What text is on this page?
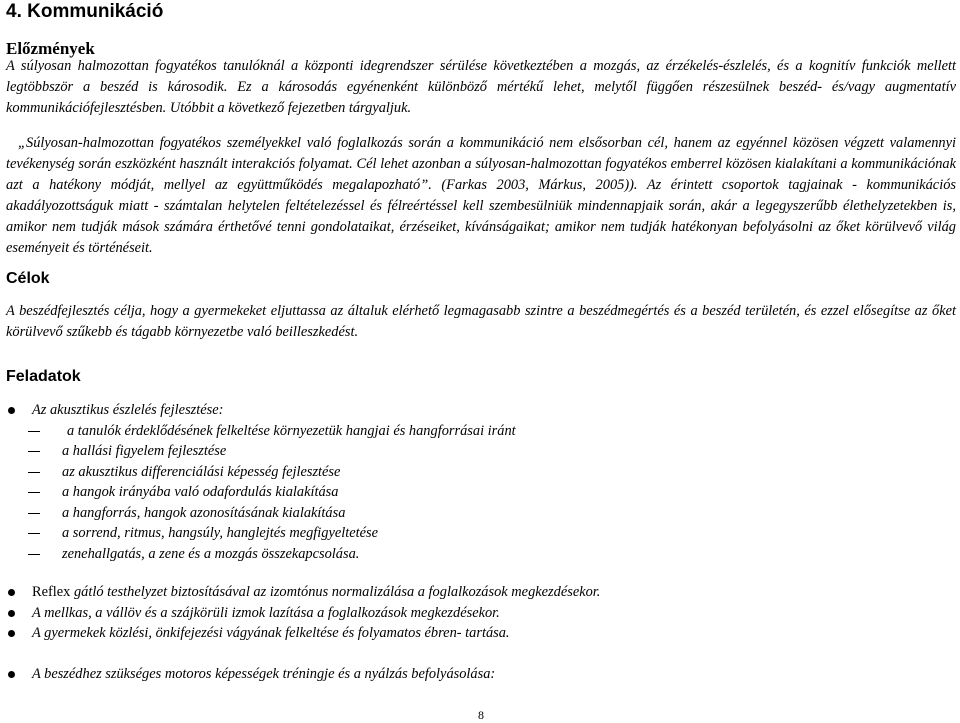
4. Kommunikáció
Előzmények

A súlyosan halmozottan fogyatékos tanulóknál a központi idegrendszer sérülése következtében a mozgás, az érzékelés-észlelés, és a kognitív funkciók mellett legtöbbször a beszéd is károsodik. Ez a károsodás egyénenként különböző mértékű lehet, melytől függően részesülnek beszéd- és/vagy augmentatív kommunikációfejlesztésben. Utóbbit a következő fejezetben tárgyaljuk.

„Súlyosan-halmozottan fogyatékos személyekkel való foglalkozás során a kommunikáció nem elsősorban cél, hanem az egyénnel közösen végzett valamennyi tevékenység során eszközként használt interakciós folyamat. Cél lehet azonban a súlyosan-halmozottan fogyatékos emberrel közösen kialakítani a kommunikációnak azt a hatékony módját, mellyel az együttműködés megalapozható”. (Farkas 2003, Márkus, 2005)). Az érintett csoportok tagjainak - kommunikációs akadályozottságuk miatt - számtalan helytelen feltételezéssel és félreértéssel kell szembesülniük mindennapjaik során, akár a legegyszerűbb élethelyzetekben is, amikor nem tudják mások számára érthetővé tenni gondolataikat, érzéseiket, kívánságaikat; amikor nem tudják hatékonyan befolyásolni az őket körülvevő világ eseményeit és történéseit.

Célok

A beszédfejlesztés célja, hogy a gyermekeket eljuttassa az általuk elérhető legmagasabb szintre a beszédmegértés és a beszéd területén, és ezzel elősegítse az őket körülvevő szűkebb és tágabb környezetbe való beilleszkedést.

Feladatok
Az akusztikus észlelés fejlesztése:
a tanulók érdeklődésének felkeltése környezetük hangjai és hangforrásai iránt
a hallási figyelem fejlesztése
az akusztikus differenciálási képesség fejlesztése
a hangok irányába való odafordulás kialakítása
a hangforrás, hangok azonosításának kialakítása
a sorrend, ritmus, hangsúly, hanglejtés megfigyeltetése
zenehallgatás, a zene és a mozgás összekapcsolása.
Reflex gátló testhelyzet biztosításával az izomtónus normalizálása a foglalkozások megkezdésekor.
A mellkas, a vállöv és a szájkörüli izmok lazítása a foglalkozások megkezdésekor.
A gyermekek közlési, önkifejezési vágyának felkeltése és folyamatos ébren- tartása.
A beszédhez szükséges motoros képességek tréningje és a nyálzás befolyásolása:
8
